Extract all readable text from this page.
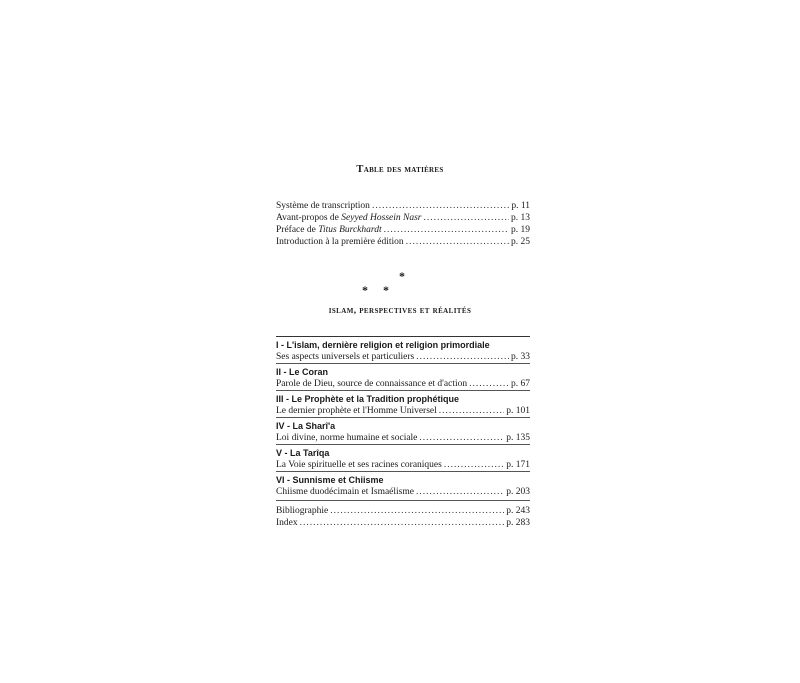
Table des matières
Système de transcription .....	p. 11
Avant-propos de Seyyed Hossein Nasr .....	p. 13
Préface de Titus Burckhardt .....	p. 19
Introduction à la première édition .....	p. 25
*
* *
islam, perspectives et réalités
I - L'islam, dernière religion et religion primordiale
Ses aspects universels et particuliers .....	p. 33
II - Le Coran
Parole de Dieu, source de connaissance et d'action .....	p. 67
III - Le Prophète et la Tradition prophétique
Le dernier prophète et l'Homme Universel .....	p. 101
IV - La Sharî'a
Loi divine, norme humaine et sociale .....	p. 135
V - La Tarîqa
La Voie spirituelle et ses racines coraniques .....	p. 171
VI - Sunnisme et Chiisme
Chiisme duodécimain et Ismaélisme .....	p. 203
Bibliographie .....	p. 243
Index .....	p. 283
